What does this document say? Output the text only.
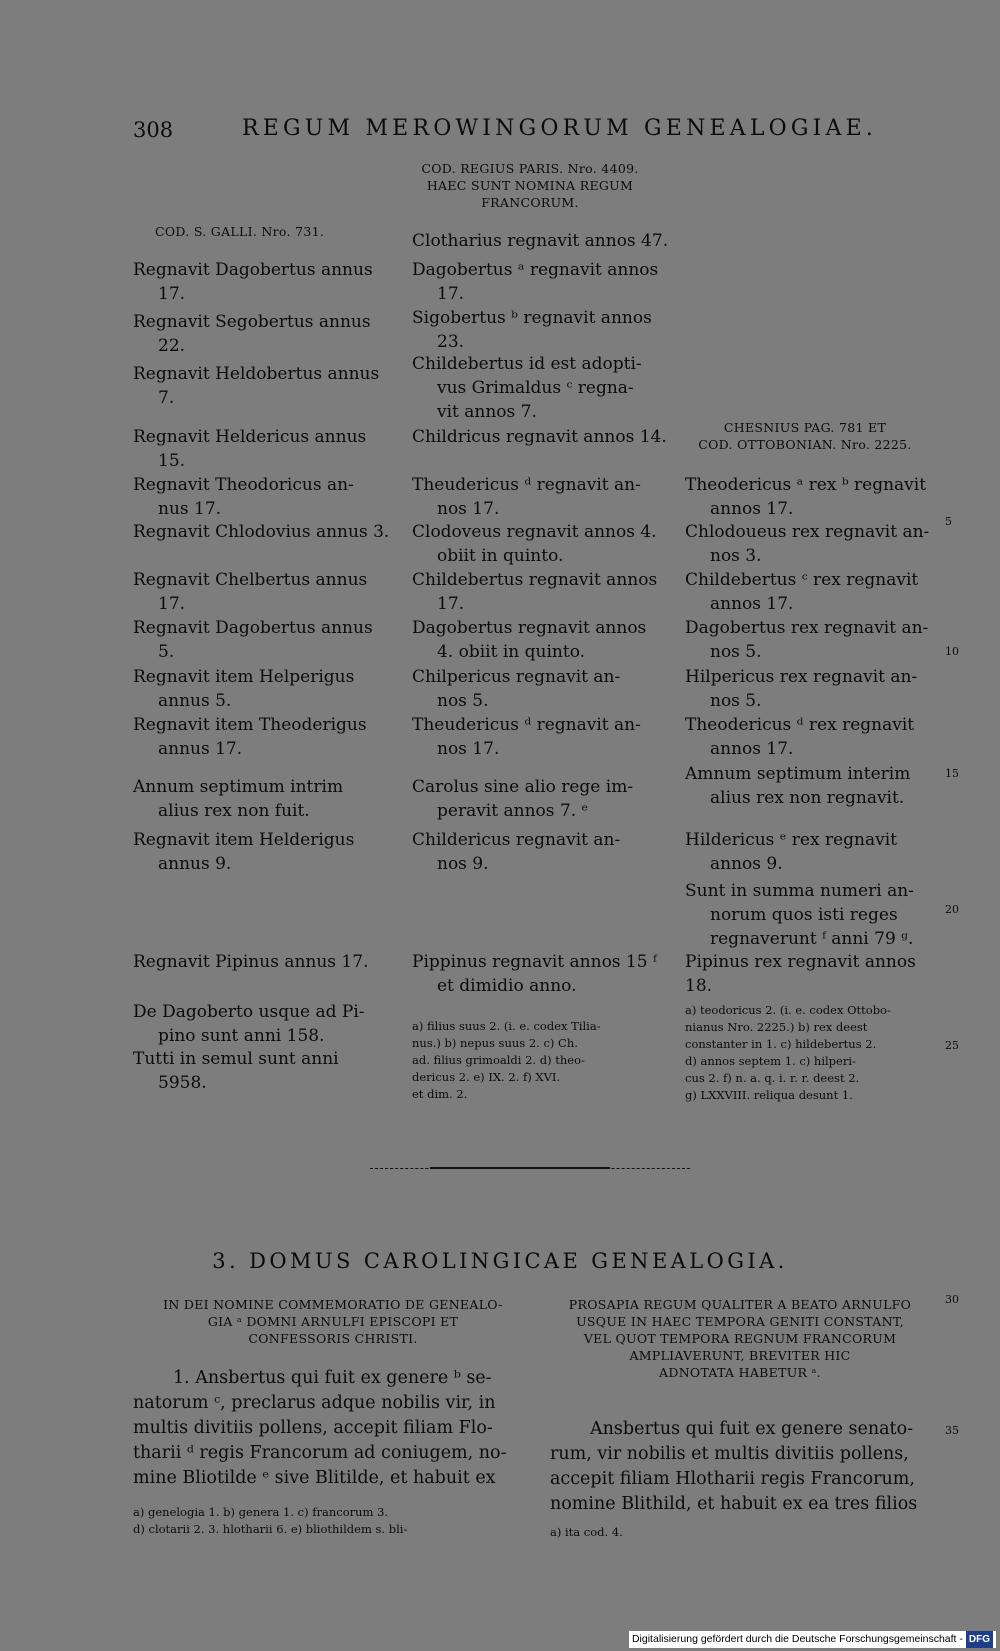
308	REGUM MEROWINGORUM GENEALOGIAE.
COD. S. GALLI. Nro. 731.
Regnavit Dagobertus annus
17.
Regnavit Segobertus annus
22.
Regnavit Heldobertus annus
7.
Regnavit Heldericus annus
15.
Regnavit Theodoricus an-
nus 17.
Regnavit Chlodovius annus 3.
Regnavit Chelbertus annus
17.
Regnavit Dagobertus annus
5.
Regnavit item Helperigus
annus 5.
Regnavit item Theoderigus
annus 17.
Annum septimum intrim
alius rex non fuit.
Regnavit item Helderigus
annus 9.
Regnavit Pipinus annus 17.
De Dagoberto usque ad Pi-
pino sunt anni 158.
Tutti in semul sunt anni
5958.
COD. REGIUS PARIS. Nro. 4409.
HAEC SUNT NOMINA REGUM
FRANCORUM.
Clotharius regnavit annos 47.
Dagobertus ᵃ regnavit annos
17.
Sigobertus ᵇ regnavit annos
23.
Childebertus id est adopti-
vus Grimaldus ᶜ regna-
vit annos 7.
Childricus regnavit annos 14.
Theudericus ᵈ regnavit an-
nos 17.
Clodoveus regnavit annos 4.
obiit in quinto.
Childebertus regnavit annos
17.
Dagobertus regnavit annos
4. obiit in quinto.
Chilpericus regnavit an-
nos 5.
Theudericus ᵈ regnavit an-
nos 17.
Carolus sine alio rege im-
peravit annos 7. ᵉ
Childericus regnavit an-
nos 9.
Pippinus regnavit annos 15 ᶠ
et dimidio anno.
a) filius suus 2. (i. e. codex Tilia-
nus.) b) nepus suus 2. c) Ch.
ad. filius grimoaldi 2. d) theo-
dericus 2. e) IX. 2. f) XVI.
et dim. 2.
CHESNIUS PAG. 781 ET
COD. OTTOBONIAN. Nro. 2225.
Theodericus ᵃ rex ᵇ regnavit
annos 17.
Chlodoueus rex regnavit an-
nos 3.
Childebertus ᶜ rex regnavit
annos 17.
Dagobertus rex regnavit an-
nos 5.
Hilpericus rex regnavit an-
nos 5.
Theodericus ᵈ rex regnavit
annos 17.
Amnum septimum interim
alius rex non regnavit.
Hildericus ᵉ rex regnavit
annos 9.
Sunt in summa numeri an-
norum quos isti reges
regnaverunt ᶠ anni 79 ᵍ.
Pipinus rex regnavit annos 18.
a) teodoricus 2. (i. e. codex Ottobo-
nianus Nro. 2225.) b) rex deest
constanter in 1. c) hildebertus 2.
d) annos septem 1. c) hilperi-
cus 2. f) n. a. q. i. r. r. deest 2.
g) LXXVIII. reliqua desunt 1.
5
10
15
20
25
30
35
3. DOMUS CAROLINGICAE GENEALOGIA.
IN DEI NOMINE COMMEMORATIO DE GENEALO-
GIA ᵃ DOMNI ARNULFI EPISCOPI ET
CONFESSORIS CHRISTI.
1. Ansbertus qui fuit ex genere ᵇ se-
natorum ᶜ, preclarus adque nobilis vir, in
multis divitiis pollens, accepit filiam Flo-
tharii ᵈ regis Francorum ad coniugem, no-
mine Bliotilde ᵉ sive Blitilde, et habuit ex
a) genelogia 1. b) genera 1. c) francorum 3.
d) clotarii 2. 3. hlotharii 6. e) bliothildem s. bli-
PROSAPIA REGUM QUALITER A BEATO ARNULFO
USQUE IN HAEC TEMPORA GENITI CONSTANT,
VEL QUOT TEMPORA REGNUM FRANCORUM
AMPLIAVERUNT, BREVITER HIC
ADNOTATA HABETUR ᵃ.
Ansbertus qui fuit ex genere senato-
rum, vir nobilis et multis divitiis pollens,
accepit filiam Hlotharii regis Francorum,
nomine Blithild, et habuit ex ea tres filios
a) ita cod. 4.
Digitalisierung gefördert durch die Deutsche Forschungsgemeinschaft - DFG
